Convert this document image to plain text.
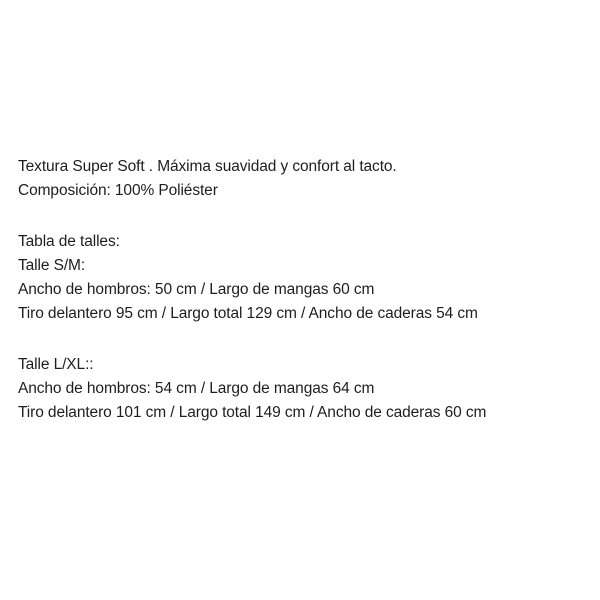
Textura Super Soft . Máxima suavidad y confort al tacto.
Composición: 100% Poliéster
Tabla de talles:
Talle S/M:
Ancho de hombros: 50 cm / Largo de mangas 60 cm
Tiro delantero 95 cm / Largo total 129 cm / Ancho de caderas 54 cm
Talle L/XL::
Ancho de hombros: 54 cm / Largo de mangas 64 cm
Tiro delantero 101 cm / Largo total 149 cm / Ancho de caderas 60 cm
